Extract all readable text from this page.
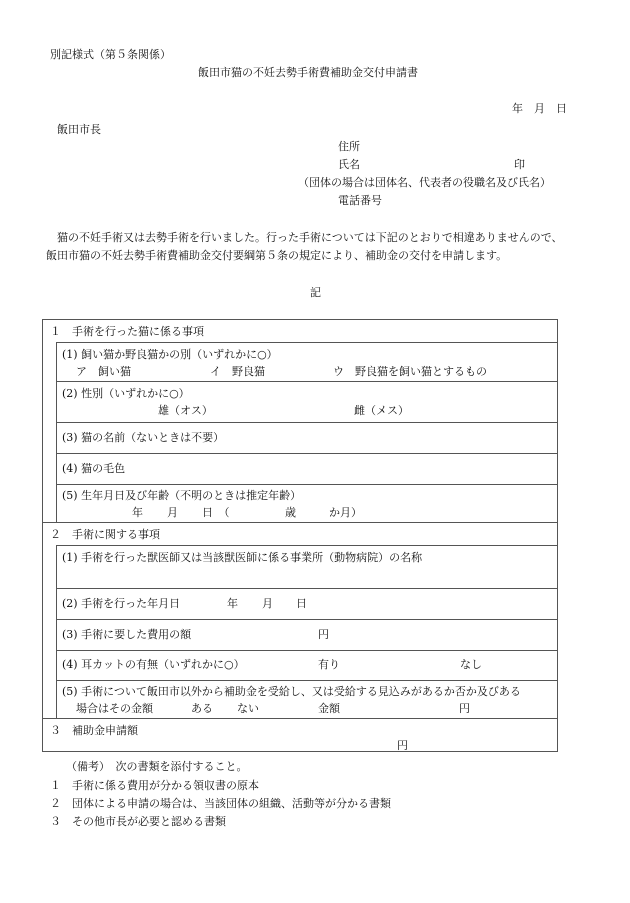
別記様式（第５条関係）
飯田市猫の不妊去勢手術費補助金交付申請書
年　月　日
飯田市長
住所
氏名	印
（団体の場合は団体名、代表者の役職名及び氏名）
電話番号
猫の不妊手術又は去勢手術を行いました。行った手術については下記のとおりで相違ありませんので、
飯田市猫の不妊去勢手術費補助金交付要綱第５条の規定により、補助金の交付を申請します。
記
１　手術を行った猫に係る事項
(1) 飼い猫か野良猫かの別（いずれかに○）
ア　飼い猫	イ　野良猫	ウ　野良猫を飼い猫とするもの
(2) 性別（いずれかに○）
雄（オス）	雌（メス）
(3) 猫の名前（ないときは不要）
(4) 猫の毛色
(5) 生年月日及び年齢（不明のときは推定年齢）
年 月 日　（	歳	か月）
２　手術に関する事項
(1) 手術を行った獣医師又は当該獣医師に係る事業所（動物病院）の名称
(2) 手術を行った年月日	年 月 日
(3) 手術に要した費用の額	円
(4) 耳カットの有無（いずれかに○）	有り	なし
(5) 手術について飯田市以外から補助金を受給し、又は受給する見込みがあるか否か及びある
場合はその金額	ある ない	金額	円
３　補助金申請額
円
（備考）　次の書類を添付すること。
１　手術に係る費用が分かる領収書の原本
２　団体による申請の場合は、当該団体の組織、活動等が分かる書類
３　その他市長が必要と認める書類
